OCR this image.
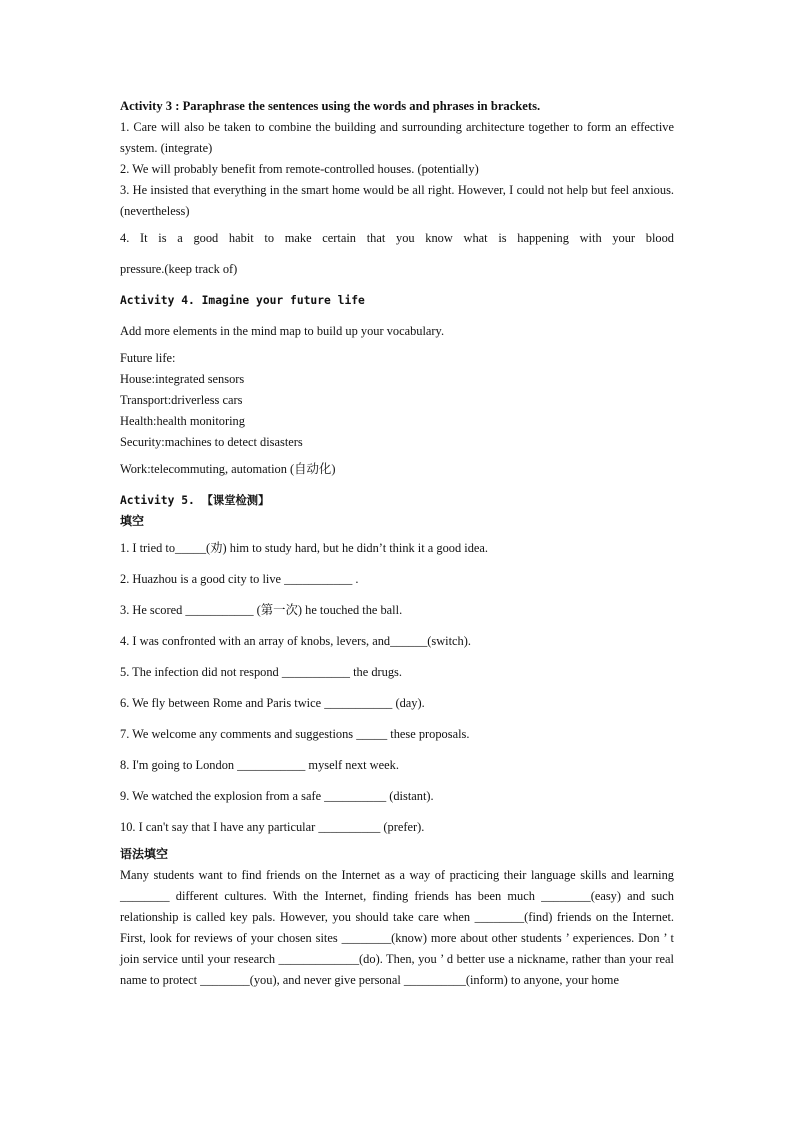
Activity 3 : Paraphrase the sentences using the words and phrases in brackets.

1. Care will also be taken to combine the building and surrounding architecture together to form an effective system. (integrate)

2. We will probably benefit from remote-controlled houses. (potentially)

3. He insisted that everything in the smart home would be all right. However, I could not help but feel anxious. (nevertheless)

4. It is a good habit to make certain that you know what is happening with your blood

pressure.(keep track of)

Activity 4. Imagine your future life

Add more elements in the mind map to build up your vocabulary.

Future life:

House:integrated sensors

Transport:driverless cars

Health:health monitoring

Security:machines to detect disasters

Work:telecommuting, automation (自动化)

Activity 5. 【课堂检测】

填空

1. I tried to_____(劝) him to study hard, but he didn’t think it a good idea.

2. Huazhou is a good city to live ___________ .

3. He scored ___________ (第一次) he touched the ball.

4. I was confronted with an array of knobs, levers, and______(switch).

5. The infection did not respond ___________ the drugs.

6. We fly between Rome and Paris twice ___________ (day).

7. We welcome any comments and suggestions _____ these proposals.

8. I'm going to London ___________ myself next week.

9. We watched the explosion from a safe __________ (distant).

10. I can't say that I have any particular __________ (prefer).

语法填空

Many students want to find friends on the Internet as a way of practicing their language skills and learning ________ different cultures. With the Internet, finding friends has been much ________(easy) and such relationship is called key pals. However, you should take care when ________(find) friends on the Internet. First, look for reviews of your chosen sites ________(know) more about other students ’ experiences. Don ’ t join service until your research _____________(do). Then, you ’ d better use a nickname, rather than your real name to protect ________(you), and never give personal __________(inform) to anyone, your home
